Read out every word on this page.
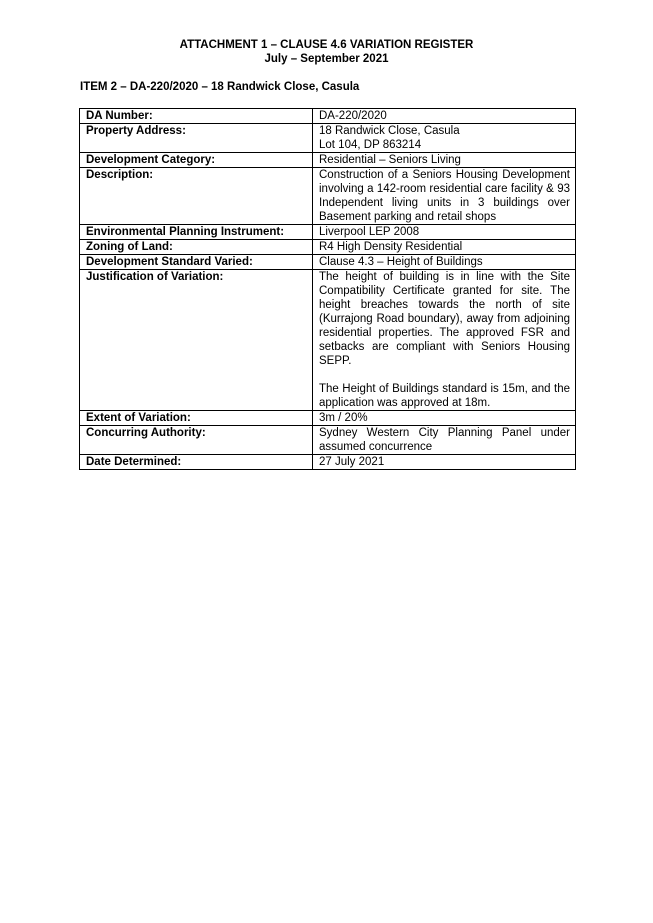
ATTACHMENT 1 – CLAUSE 4.6 VARIATION REGISTER
July – September 2021
ITEM 2 – DA-220/2020 – 18 Randwick Close, Casula
DA Number:	DA-220/2020
Property Address:	18 Randwick Close, Casula
Lot 104, DP 863214

Development Category:	Residential – Seniors Living
Description:	Construction of a Seniors Housing Development involving a 142-room residential care facility & 93 Independent living units in 3 buildings over Basement parking and retail shops

Environmental Planning Instrument:	Liverpool LEP 2008
Zoning of Land:	R4 High Density Residential
Development Standard Varied:	Clause 4.3 – Height of Buildings
Justification of Variation:	The height of building is in line with the Site Compatibility Certificate granted for site. The height breaches towards the north of site (Kurrajong Road boundary), away from adjoining residential properties. The approved FSR and setbacks are compliant with Seniors Housing SEPP.
The Height of Buildings standard is 15m, and the application was approved at 18m.

Extent of Variation:	3m / 20%
Concurring Authority:	Sydney Western City Planning Panel under assumed concurrence

Date Determined:	27 July 2021
